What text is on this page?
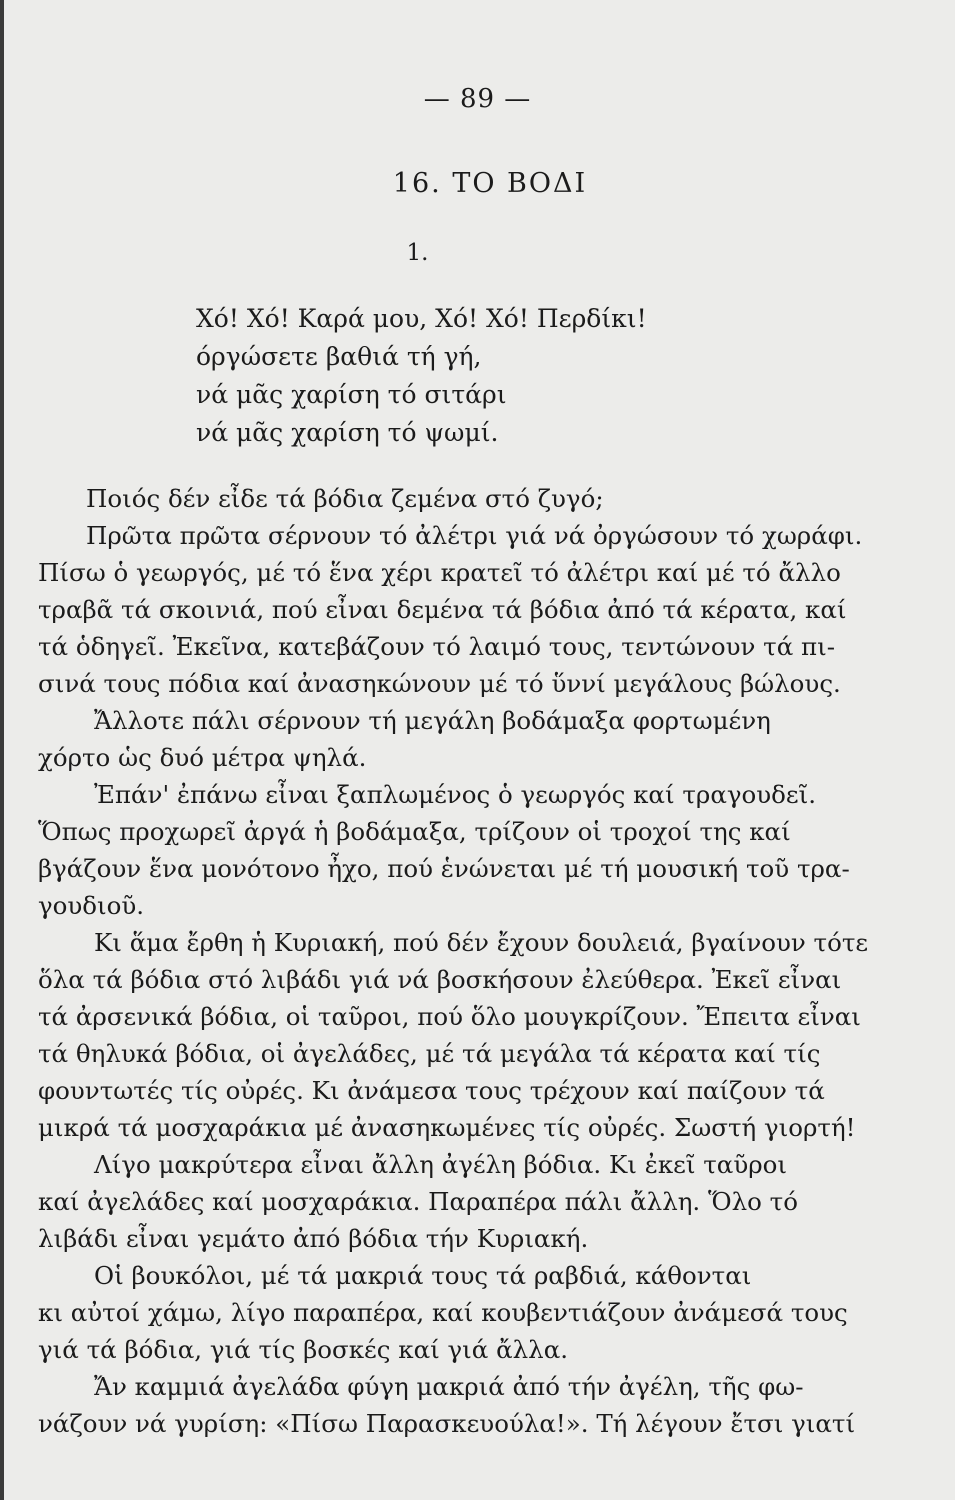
— 89 —
16. ΤΟ ΒΟΔΙ
1.
Χό! Χό! Καρά μου, Χό! Χό! Περδίκι!
όργώσετε βαθιά τή γή,
νά μᾶς χαρίση τό σιτάρι
νά μᾶς χαρίση τό ψωμί.
Ποιός δέν εἶδε τά βόδια ζεμένα στό ζυγό;
Πρῶτα πρῶτα σέρνουν τό ἀλέτρι γιά νά ὀργώσουν τό χωράφι.
Πίσω ὁ γεωργός, μέ τό ἕνα χέρι κρατεῖ τό ἀλέτρι καί μέ τό ἄλλο
τραβᾶ τά σκοινιά, πού εἶναι δεμένα τά βόδια ἀπό τά κέρατα, καί
τά ὁδηγεῖ. Ἐκεῖνα, κατεβάζουν τό λαιμό τους, τεντώνουν τά πι-
σινά τους πόδια καί ἀνασηκώνουν μέ τό ὕννί μεγάλους βώλους.
Ἄλλοτε πάλι σέρνουν τή μεγάλη βοδάμαξα φορτωμένη
χόρτο ὡς δυό μέτρα ψηλά.
Ἐπάν' ἐπάνω εἶναι ξαπλωμένος ὁ γεωργός καί τραγουδεῖ.
Ὅπως προχωρεῖ ἀργά ἡ βοδάμαξα, τρίζουν οἱ τροχοί της καί
βγάζουν ἕνα μονότονο ἦχο, πού ἑνώνεται μέ τή μουσική τοῦ τρα-
γουδιοῦ.
Κι ἅμα ἔρθη ἡ Κυριακή, πού δέν ἔχουν δουλειά, βγαίνουν τότε
ὅλα τά βόδια στό λιβάδι γιά νά βοσκήσουν ἐλεύθερα. Ἐκεῖ εἶναι
τά ἀρσενικά βόδια, οἱ ταῦροι, πού ὅλο μουγκρίζουν. Ἔπειτα εἶναι
τά θηλυκά βόδια, οἱ ἀγελάδες, μέ τά μεγάλα τά κέρατα καί τίς
φουντωτές τίς οὐρές. Κι ἀνάμεσα τους τρέχουν καί παίζουν τά
μικρά τά μοσχαράκια μέ ἀνασηκωμένες τίς οὐρές. Σωστή γιορτή!
Λίγο μακρύτερα εἶναι ἄλλη ἀγέλη βόδια. Κι ἐκεῖ ταῦροι
καί ἀγελάδες καί μοσχαράκια. Παραπέρα πάλι ἄλλη. Ὅλο τό
λιβάδι εἶναι γεμάτο ἀπό βόδια τήν Κυριακή.
Οἱ βουκόλοι, μέ τά μακριά τους τά ραβδιά, κάθονται
κι αὐτοί χάμω, λίγο παραπέρα, καί κουβεντιάζουν ἀνάμεσά τους
γιά τά βόδια, γιά τίς βοσκές καί γιά ἄλλα.
Ἄν καμμιά ἀγελάδα φύγη μακριά ἀπό τήν ἀγέλη, τῆς φω-
νάζουν νά γυρίση: «Πίσω Παρασκευούλα!». Τή λέγουν ἔτσι γιατί
